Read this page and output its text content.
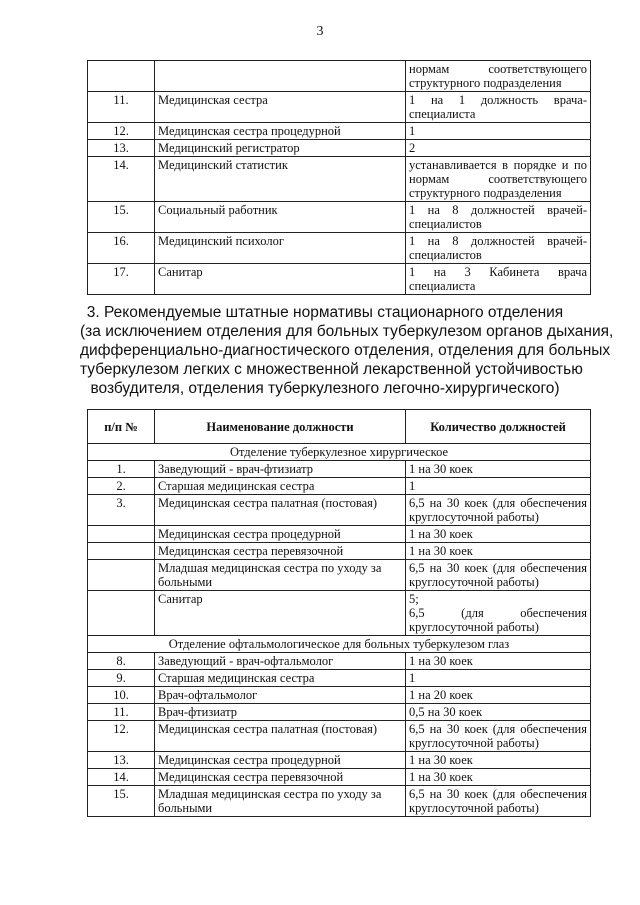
3

		нормам соответствующего
структурного подразделения

11.	Медицинская сестра	1 на 1 должность врача-
специалиста

12.	Медицинская сестра процедурной	1

13.	Медицинский регистратор	2

14.	Медицинский статистик	устанавливается в порядке и по
нормам соответствующего
структурного подразделения

15.	Социальный работник	1 на 8 должностей врачей-
специалистов

16.	Медицинский психолог	1 на 8 должностей врачей-
специалистов

17.	Санитар	1 на 3 Кабинета врача
специалиста
3. Рекомендуемые штатные нормативы стационарного отделения
(за исключением отделения для больных туберкулезом органов дыхания,
дифференциально-диагностического отделения, отделения для больных
туберкулезом легких с множественной лекарственной устойчивостью
возбудителя, отделения туберкулезного легочно-хирургического)
п/п №	Наименование должности	Количество должностей
Отделение туберкулезное хирургическое		
1.	Заведующий - врач-фтизиатр	1 на 30 коек

2.	Старшая медицинская сестра	1

3.	Медицинская сестра палатная (постовая)	6,5 на 30 коек (для обеспечения
круглосуточной работы)

	Медицинская сестра процедурной	1 на 30 коек

	Медицинская сестра перевязочной	1 на 30 коек

	Младшая медицинская сестра по уходу за больными	6,5 на 30 коек (для обеспечения
круглосуточной работы)

	Санитар	5;
6,5 (для обеспечения
круглосуточной работы)

Отделение офтальмологическое для больных туберкулезом глаз		
8.	Заведующий - врач-офтальмолог	1 на 30 коек

9.	Старшая медицинская сестра	1

10.	Врач-офтальмолог	1 на 20 коек

11.	Врач-фтизиатр	0,5 на 30 коек

12.	Медицинская сестра палатная (постовая)	6,5 на 30 коек (для обеспечения
круглосуточной работы)

13.	Медицинская сестра процедурной	1 на 30 коек

14.	Медицинская сестра перевязочной	1 на 30 коек

15.	Младшая медицинская сестра по уходу за больными	6,5 на 30 коек (для обеспечения
круглосуточной работы)
